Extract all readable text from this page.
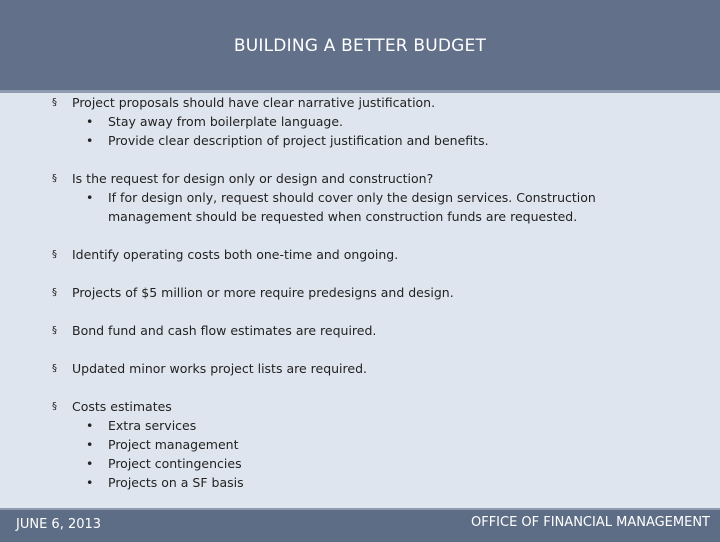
BUILDING A BETTER BUDGET
§ Project proposals should have clear narrative justification.
• Stay away from boilerplate language.
• Provide clear description of project justification and benefits.
§ Is the request for design only or design and construction?
• If for design only, request should cover only the design services. Construction management should be requested when construction funds are requested.
§ Identify operating costs both one-time and ongoing.
§ Projects of $5 million or more require predesigns and design.
§ Bond fund and cash flow estimates are required.
§ Updated minor works project lists are required.
§ Costs estimates
• Extra services
• Project management
• Project contingencies
• Projects on a SF basis
JUNE 6, 2013	OFFICE OF FINANCIAL MANAGEMENT
